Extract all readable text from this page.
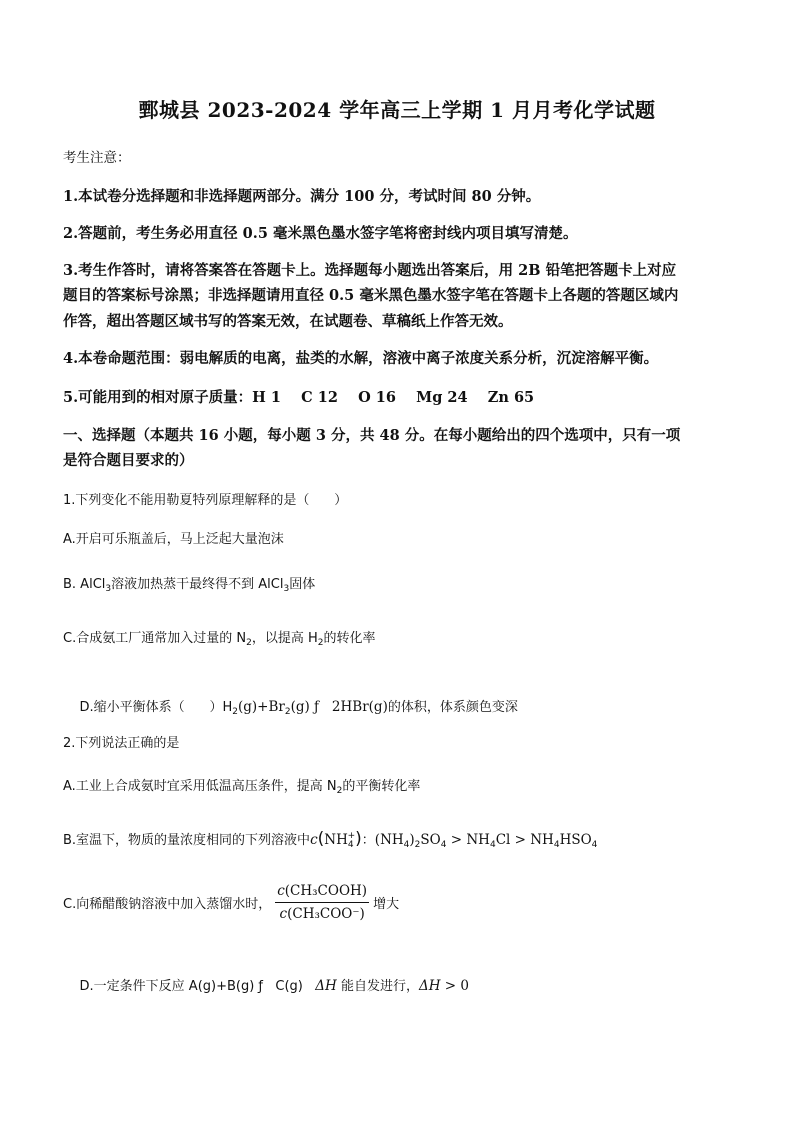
鄄城县 2023-2024 学年高三上学期 1 月月考化学试题
考生注意：
1.本试卷分选择题和非选择题两部分。满分 100 分，考试时间 80 分钟。
2.答题前，考生务必用直径 0.5 毫米黑色墨水签字笔将密封线内项目填写清楚。
3.考生作答时，请将答案答在答题卡上。选择题每小题选出答案后，用 2B 铅笔把答题卡上对应
题目的答案标号涂黑；非选择题请用直径 0.5 毫米黑色墨水签字笔在答题卡上各题的答题区域内
作答，超出答题区域书写的答案无效，在试题卷、草稿纸上作答无效。
4.本卷命题范围：弱电解质的电离，盐类的水解，溶液中离子浓度关系分析，沉淀溶解平衡。
5.可能用到的相对原子质量：H 1    C 12    O 16    Mg 24    Zn 65
一、选择题（本题共 16 小题，每小题 3 分，共 48 分。在每小题给出的四个选项中，只有一项
是符合题目要求的）
1.下列变化不能用勒夏特列原理解释的是（      ）
A.开启可乐瓶盖后，马上泛起大量泡沫
B. AlCl$_3$溶液加热蒸干最终得不到 AlCl$_3$固体
C.合成氨工厂通常加入过量的 $N_2$，以提高 $H_2$的转化率

D.缩小平衡体系（      ）$H_2(g)+Br_2(g)$ ƒ   2HBr(g)的体积，体系颜色变深

2.下列说法正确的是
A.工业上合成氨时宜采用低温高压条件，提高 $N_2$的平衡转化率
B.室温下，物质的量浓度相同的下列溶液中$c(NH_4^+)$：$(NH_4)_2SO_4 > NH_4Cl > NH_4HSO_4$
C.向稀醋酸钠溶液中加入蒸馏水时， $\frac{\text{c(CH₃COOH)}}{\text{c(CH₃COO⁻)}}$ 增大

D.一定条件下反应 A(g)+B(g) ƒ   C(g)   ΔH 能自发进行，ΔH > 0
